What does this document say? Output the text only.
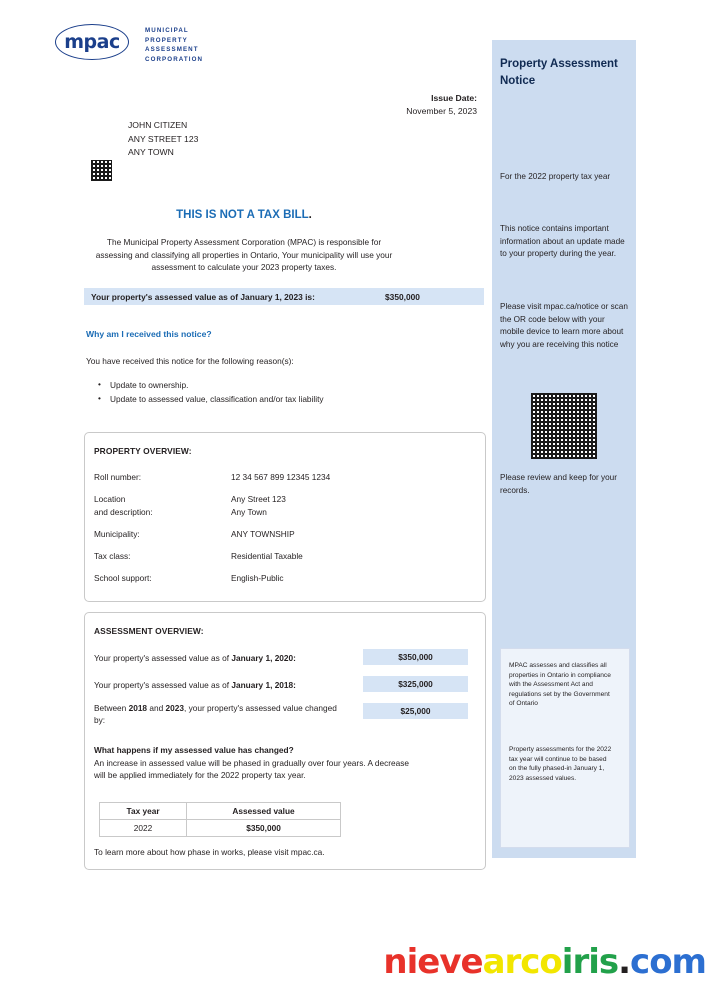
mpac
MUNICIPAL
PROPERTY
ASSESSMENT
CORPORATION
Issue Date:
November 5, 2023
JOHN CITIZEN
ANY STREET 123
ANY TOWN
THIS IS NOT A TAX BILL.
The Municipal Property Assessment Corporation (MPAC) is responsible for assessing and classifying all properties in Ontario, Your municipality will use your assessment to calculate your 2023 property taxes.
Your property's assessed value as of January 1, 2023 is:	$350,000
Why am I received this notice?
You have received this notice for the following reason(s):
• Update to ownership.
• Update to assessed value, classification and/or tax liability
PROPERTY OVERVIEW:
Roll number:	12 34 567 899 12345 1234
Location
and description:
Any Street 123
Any Town
Municipality:	ANY TOWNSHIP
Tax class:	Residential Taxable
School support:	English-Public
ASSESSMENT OVERVIEW:
Your property's assessed value as of January 1, 2020:	$350,000
Your property's assessed value as of January 1, 2018:	$325,000
Between 2018 and 2023, your property's assessed value changed by:
$25,000
What happens if my assessed value has changed?
An increase in assessed value will be phased in gradually over four years. A decrease will be applied immediately for the 2022 property tax year.
Tax year	Assessed value
2022	$350,000
To learn more about how phase in works, please visit mpac.ca.
Property Assessment Notice
For the 2022 property tax year
This notice contains important information about an update made to your property during the year.
Please visit mpac.ca/notice or scan the OR code below with your mobile device to learn more about why you are receiving this notice
Please review and keep for your records.
MPAC assesses and classifies all properties in Ontario in compliance with the Assessment Act and regulations set by the Government of Ontario
Property assessments for the 2022 tax year will continue to be based on the fully phased-in January 1, 2023 assessed values.
nievearcoiris.com
